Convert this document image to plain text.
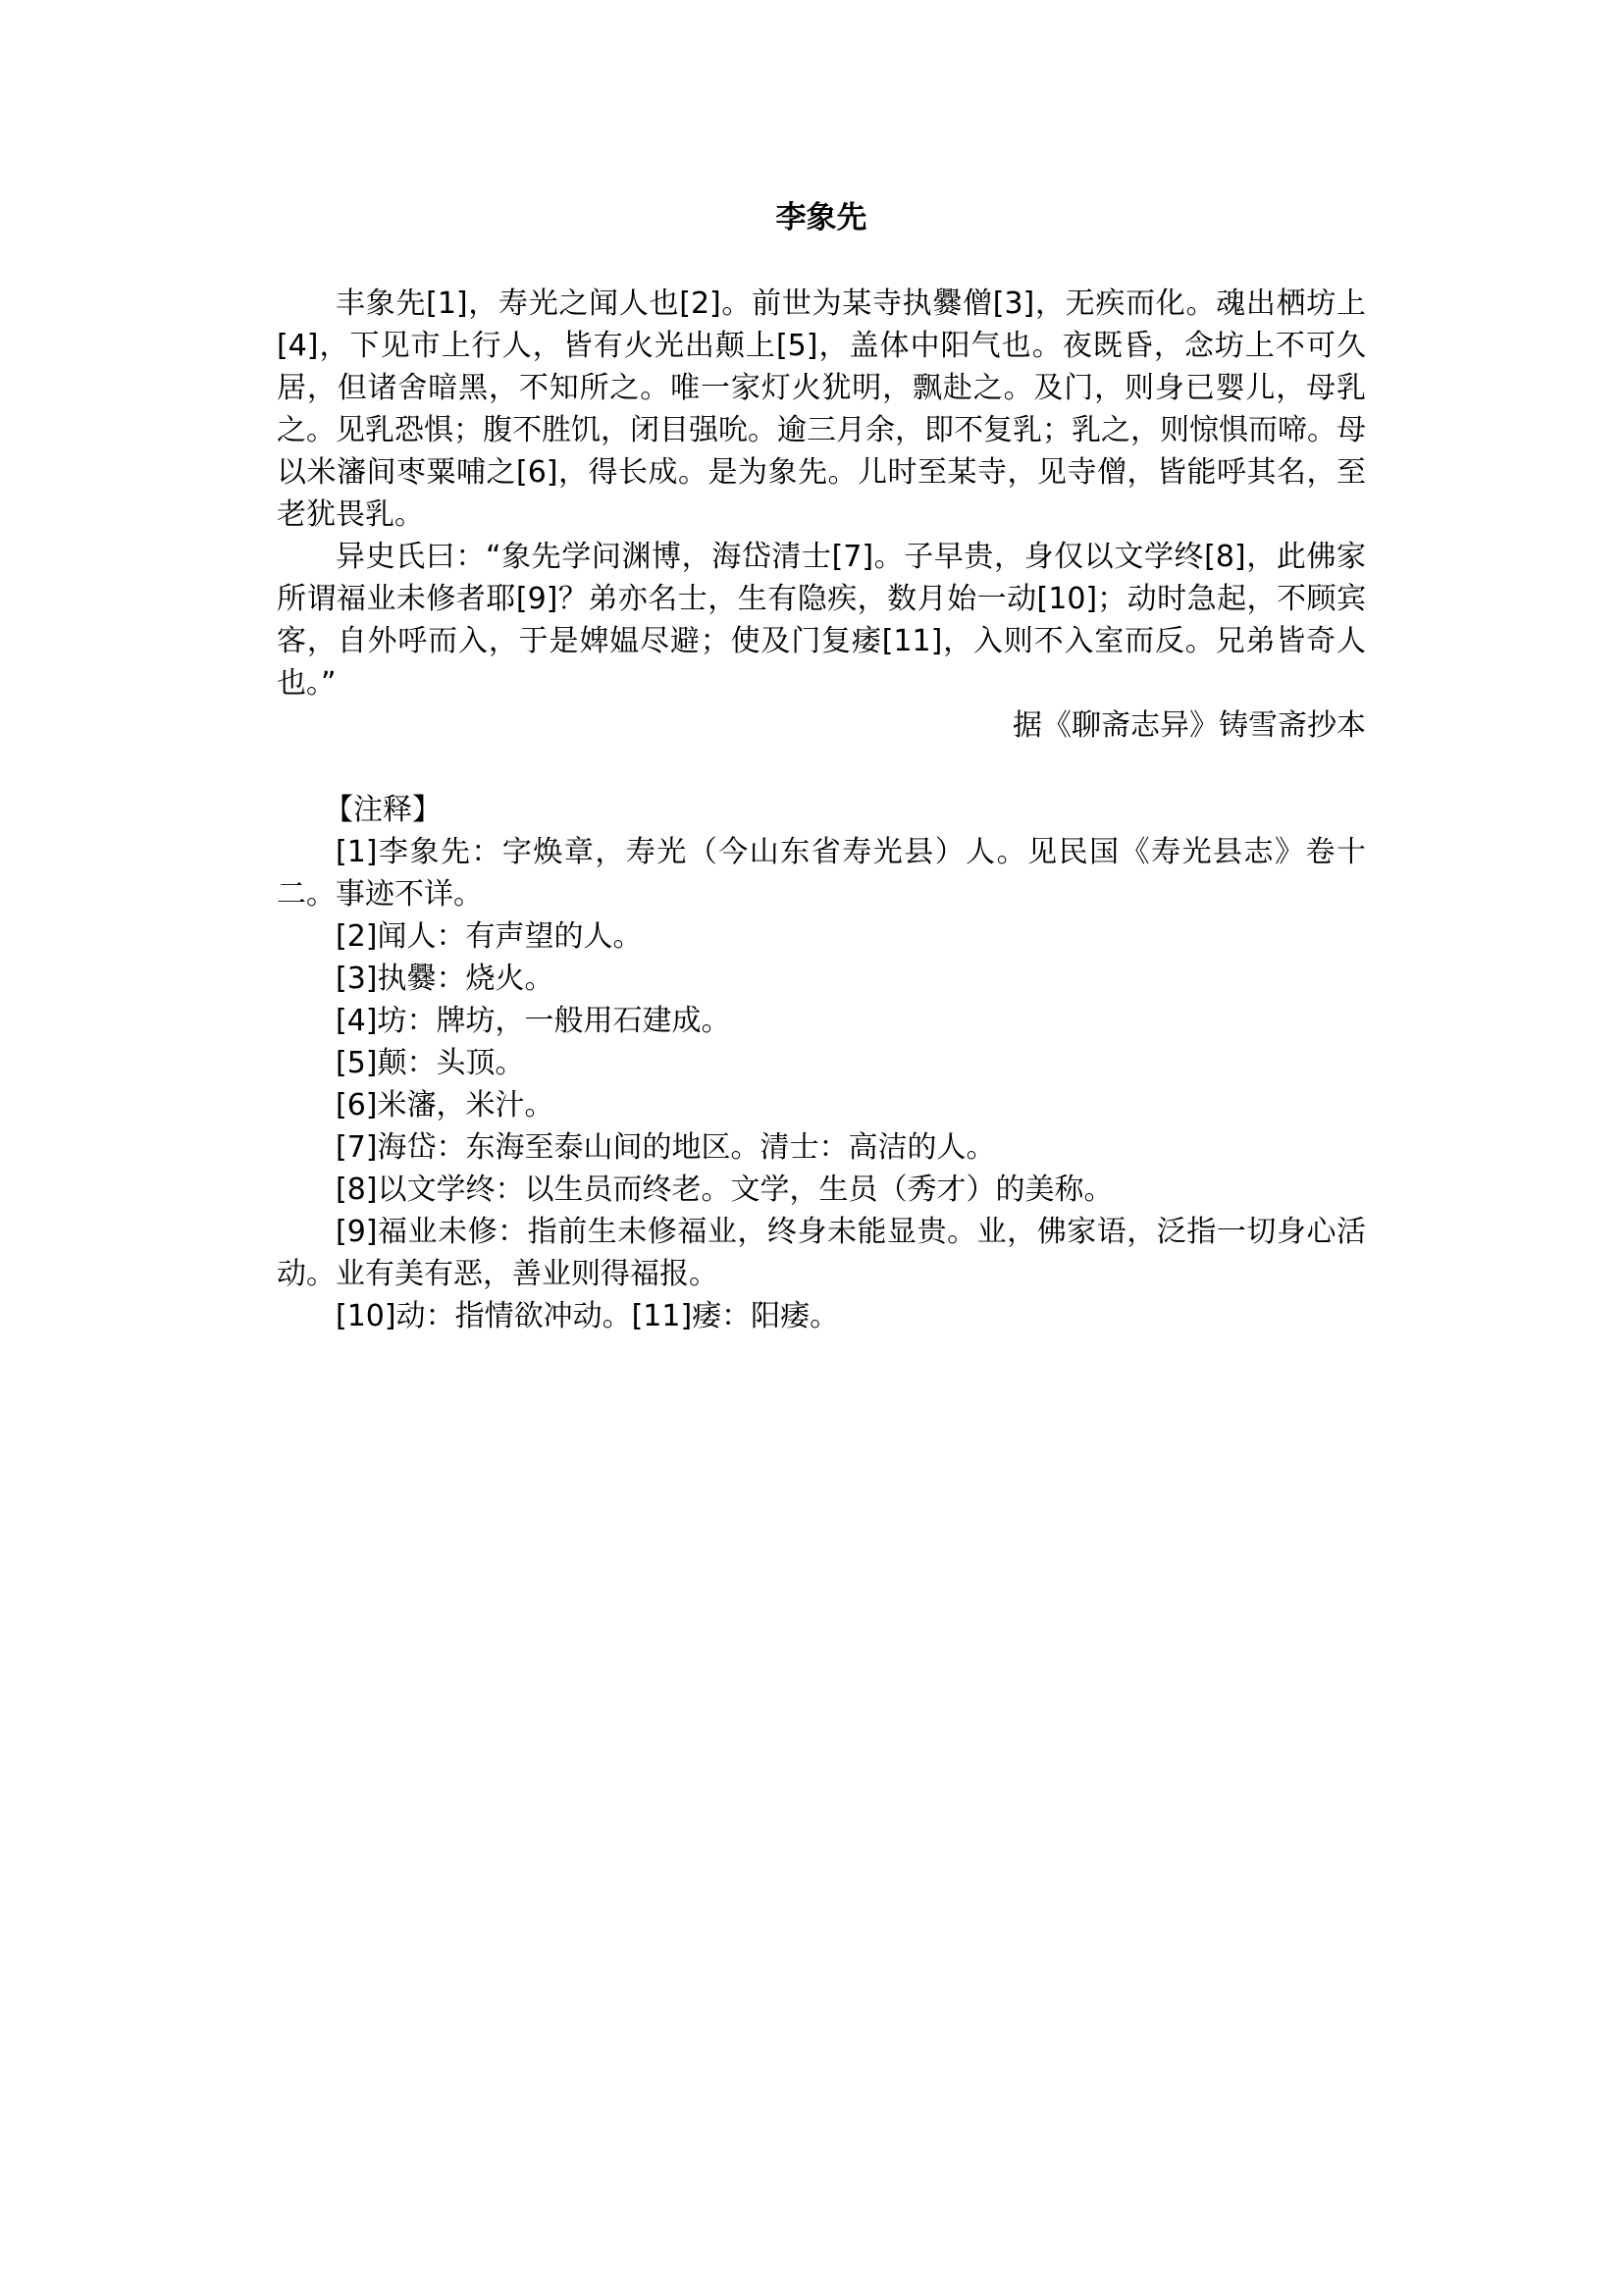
李象先

丰象先[1]，寿光之闻人也[2]。前世为某寺执爨僧[3]，无疾而化。魂出栖坊上[4]，下见市上行人，皆有火光出颠上[5]，盖体中阳气也。夜既昏，念坊上不可久居，但诸舍暗黑，不知所之。唯一家灯火犹明，飘赴之。及门，则身已婴儿，母乳之。见乳恐惧；腹不胜饥，闭目强吮。逾三月余，即不复乳；乳之，则惊惧而啼。母以米瀋间枣粟哺之[6]，得长成。是为象先。儿时至某寺，见寺僧，皆能呼其名，至老犹畏乳。

异史氏曰：“象先学问渊博，海岱清士[7]。子早贵，身仅以文学终[8]，此佛家所谓福业未修者耶[9]？弟亦名士，生有隐疾，数月始一动[10]；动时急起，不顾宾客，自外呼而入，于是婢媪尽避；使及门复痿[11]，入则不入室而反。兄弟皆奇人也。”

据《聊斋志异》铸雪斋抄本

【注释】

[1]李象先：字焕章，寿光（今山东省寿光县）人。见民国《寿光县志》卷十二。事迹不详。

[2]闻人：有声望的人。

[3]执爨：烧火。

[4]坊：牌坊，一般用石建成。

[5]颠：头顶。

[6]米瀋，米汁。

[7]海岱：东海至泰山间的地区。清士：高洁的人。

[8]以文学终：以生员而终老。文学，生员（秀才）的美称。

[9]福业未修：指前生未修福业，终身未能显贵。业，佛家语，泛指一切身心活动。业有美有恶，善业则得福报。

[10]动：指情欲冲动。[11]痿：阳痿。
